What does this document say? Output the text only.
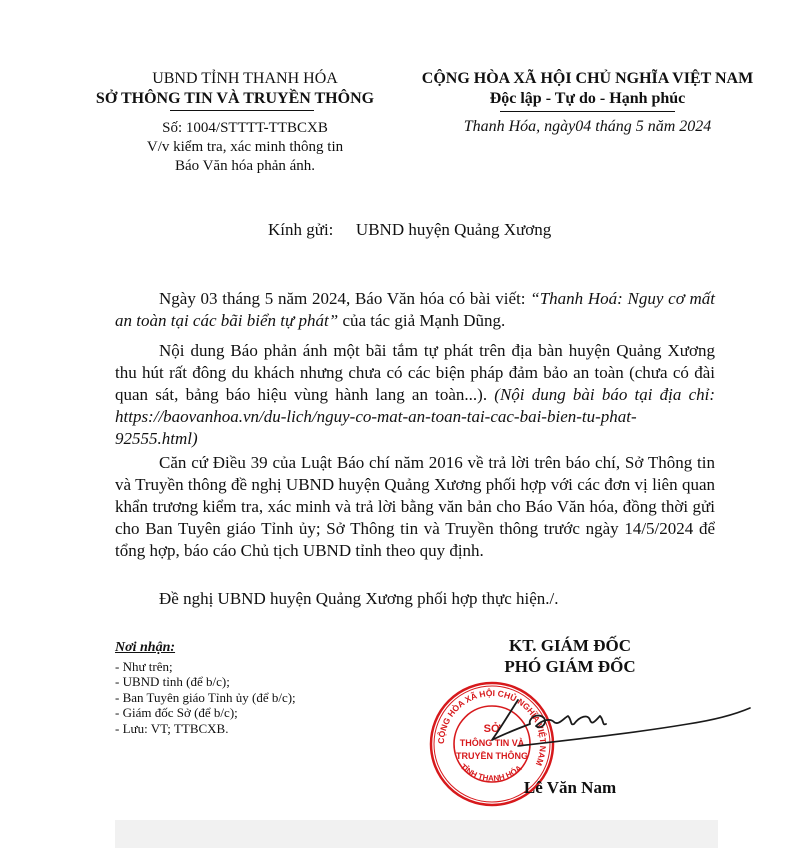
UBND TỈNH THANH HÓA
SỞ THÔNG TIN VÀ TRUYỀN THÔNG
Số: 1004/STTTT-TTBCXB
V/v kiểm tra, xác minh thông tin
Báo Văn hóa phản ánh.
CỘNG HÒA XÃ HỘI CHỦ NGHĨA VIỆT NAM
Độc lập - Tự do - Hạnh phúc
Thanh Hóa, ngày04 tháng 5 năm 2024
Kính gửi: UBND huyện Quảng Xương
Ngày 03 tháng 5 năm 2024, Báo Văn hóa có bài viết: “Thanh Hoá: Nguy cơ mất an toàn tại các bãi biển tự phát” của tác giả Mạnh Dũng.
Nội dung Báo phản ánh một bãi tắm tự phát trên địa bàn huyện Quảng Xương thu hút rất đông du khách nhưng chưa có các biện pháp đảm bảo an toàn (chưa có đài quan sát, bảng báo hiệu vùng hành lang an toàn...). (Nội dung bài báo tại địa chỉ: https://baovanhoa.vn/du-lich/nguy-co-mat-an-toan-tai-cac-bai-bien-tu-phat-92555.html)
Căn cứ Điều 39 của Luật Báo chí năm 2016 về trả lời trên báo chí, Sở Thông tin và Truyền thông đề nghị UBND huyện Quảng Xương phối hợp với các đơn vị liên quan khẩn trương kiểm tra, xác minh và trả lời bằng văn bản cho Báo Văn hóa, đồng thời gửi cho Ban Tuyên giáo Tỉnh ủy; Sở Thông tin và Truyền thông trước ngày 14/5/2024 để tổng hợp, báo cáo Chủ tịch UBND tỉnh theo quy định.
Đề nghị UBND huyện Quảng Xương phối hợp thực hiện./.
Nơi nhận:
- Như trên;
- UBND tỉnh (để b/c);
- Ban Tuyên giáo Tỉnh ủy (để b/c);
- Giám đốc Sở (để b/c);
- Lưu: VT; TTBCXB.
KT. GIÁM ĐỐC
PHÓ GIÁM ĐỐC
CỘNG HÒA XÃ HỘI CHỦ NGHĨA VIỆT NAM
TỈNH THANH HÓA
SỞ
THÔNG TIN VÀ
TRUYỀN THÔNG
Lê Văn Nam
